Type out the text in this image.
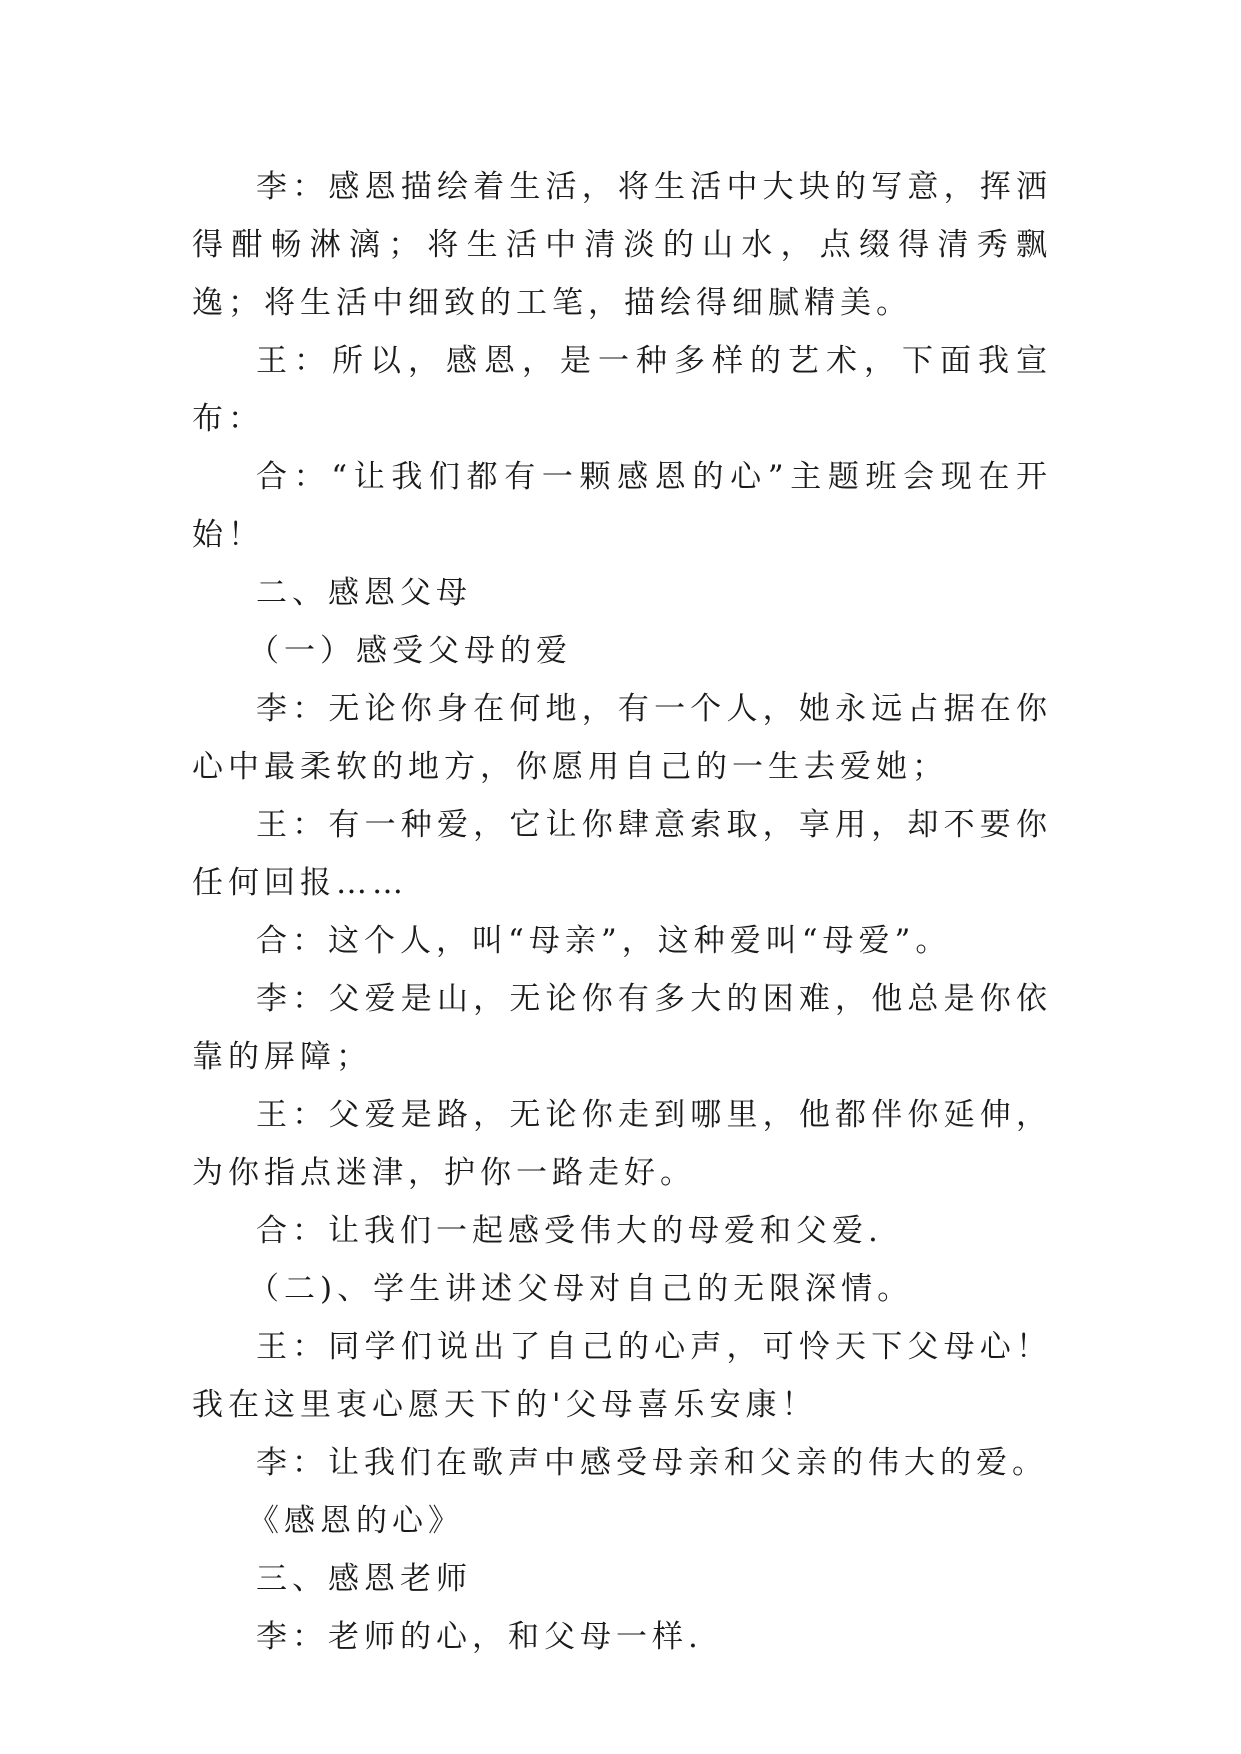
李：感恩描绘着生活，将生活中大块的写意，挥洒得酣畅淋漓；将生活中清淡的山水，点缀得清秀飘逸；将生活中细致的工笔，描绘得细腻精美。

王：所以，感恩，是一种多样的艺术，下面我宣布：

合：“让我们都有一颗感恩的心”主题班会现在开始！

二、感恩父母

（一）感受父母的爱

李：无论你身在何地，有一个人，她永远占据在你心中最柔软的地方，你愿用自己的一生去爱她；

王：有一种爱，它让你肆意索取，享用，却不要你任何回报……

合：这个人，叫“母亲”，这种爱叫“母爱”。

李：父爱是山，无论你有多大的困难，他总是你依靠的屏障；

王：父爱是路，无论你走到哪里，他都伴你延伸，为你指点迷津，护你一路走好。

合：让我们一起感受伟大的母爱和父爱.

（二)、学生讲述父母对自己的无限深情。

王：同学们说出了自己的心声，可怜天下父母心！我在这里衷心愿天下的'父母喜乐安康！

李：让我们在歌声中感受母亲和父亲的伟大的爱。

《感恩的心》

三、感恩老师

李：老师的心，和父母一样.
